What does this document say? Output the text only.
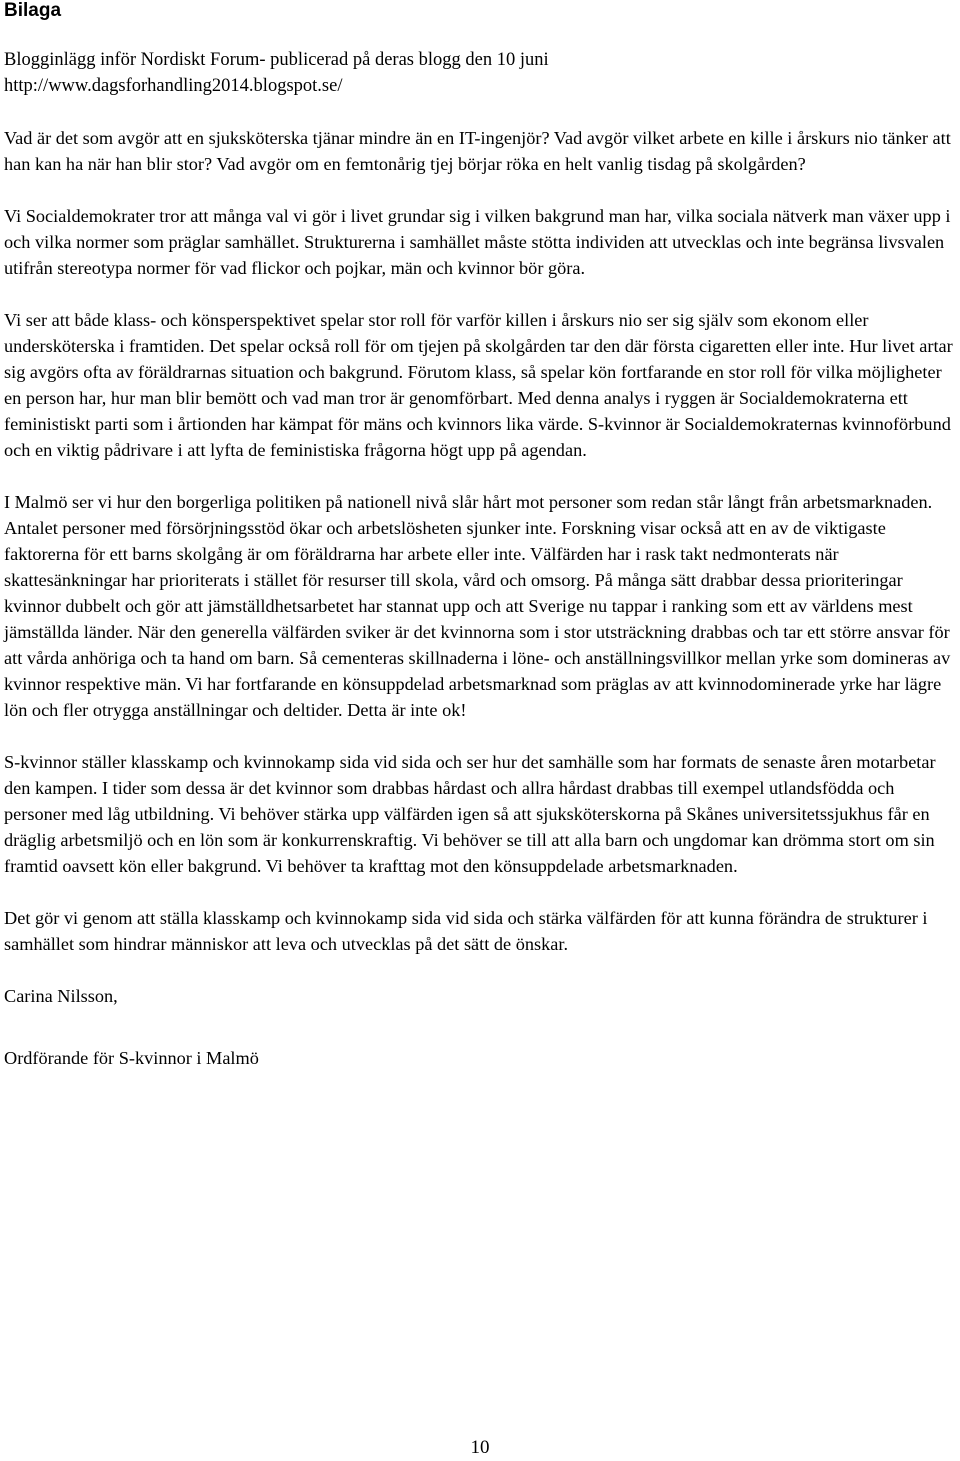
Bilaga
Blogginlägg inför Nordiskt Forum- publicerad på deras blogg den 10 juni
http://www.dagsforhandling2014.blogspot.se/

Vad är det som avgör att en sjuksköterska tjänar mindre än en IT-ingenjör? Vad avgör vilket arbete en kille i årskurs nio tänker att han kan ha när han blir stor? Vad avgör om en femtonårig tjej börjar röka en helt vanlig tisdag på skolgården?

Vi Socialdemokrater tror att många val vi gör i livet grundar sig i vilken bakgrund man har, vilka sociala nätverk man växer upp i och vilka normer som präglar samhället. Strukturerna i samhället måste stötta individen att utvecklas och inte begränsa livsvalen utifrån stereotypa normer för vad flickor och pojkar, män och kvinnor bör göra.

Vi ser att både klass- och könsperspektivet spelar stor roll för varför killen i årskurs nio ser sig själv som ekonom eller undersköterska i framtiden. Det spelar också roll för om tjejen på skolgården tar den där första cigaretten eller inte. Hur livet artar sig avgörs ofta av föräldrarnas situation och bakgrund. Förutom klass, så spelar kön fortfarande en stor roll för vilka möjligheter en person har, hur man blir bemött och vad man tror är genomförbart. Med denna analys i ryggen är Socialdemokraterna ett feministiskt parti som i årtionden har kämpat för mäns och kvinnors lika värde. S-kvinnor är Socialdemokraternas kvinnoförbund och en viktig pådrivare i att lyfta de feministiska frågorna högt upp på agendan.

I Malmö ser vi hur den borgerliga politiken på nationell nivå slår hårt mot personer som redan står långt från arbetsmarknaden. Antalet personer med försörjningsstöd ökar och arbetslösheten sjunker inte. Forskning visar också att en av de viktigaste faktorerna för ett barns skolgång är om föräldrarna har arbete eller inte. Välfärden har i rask takt nedmonterats när skattesänkningar har prioriterats i stället för resurser till skola, vård och omsorg. På många sätt drabbar dessa prioriteringar kvinnor dubbelt och gör att jämställdhetsarbetet har stannat upp och att Sverige nu tappar i ranking som ett av världens mest jämställda länder. När den generella välfärden sviker är det kvinnorna som i stor utsträckning drabbas och tar ett större ansvar för att vårda anhöriga och ta hand om barn. Så cementeras skillnaderna i löne- och anställningsvillkor mellan yrke som domineras av kvinnor respektive män. Vi har fortfarande en könsuppdelad arbetsmarknad som präglas av att kvinnodominerade yrke har lägre lön och fler otrygga anställningar och deltider. Detta är inte ok!

S-kvinnor ställer klasskamp och kvinnokamp sida vid sida och ser hur det samhälle som har formats de senaste åren motarbetar den kampen. I tider som dessa är det kvinnor som drabbas hårdast och allra hårdast drabbas till exempel utlandsfödda och personer med låg utbildning. Vi behöver stärka upp välfärden igen så att sjuksköterskorna på Skånes universitetssjukhus får en dräglig arbetsmiljö och en lön som är konkurrenskraftig. Vi behöver se till att alla barn och ungdomar kan drömma stort om sin framtid oavsett kön eller bakgrund. Vi behöver ta krafttag mot den könsuppdelade arbetsmarknaden.

Det gör vi genom att ställa klasskamp och kvinnokamp sida vid sida och stärka välfärden för att kunna förändra de strukturer i samhället som hindrar människor att leva och utvecklas på det sätt de önskar.

Carina Nilsson,

Ordförande för S-kvinnor i Malmö

10
